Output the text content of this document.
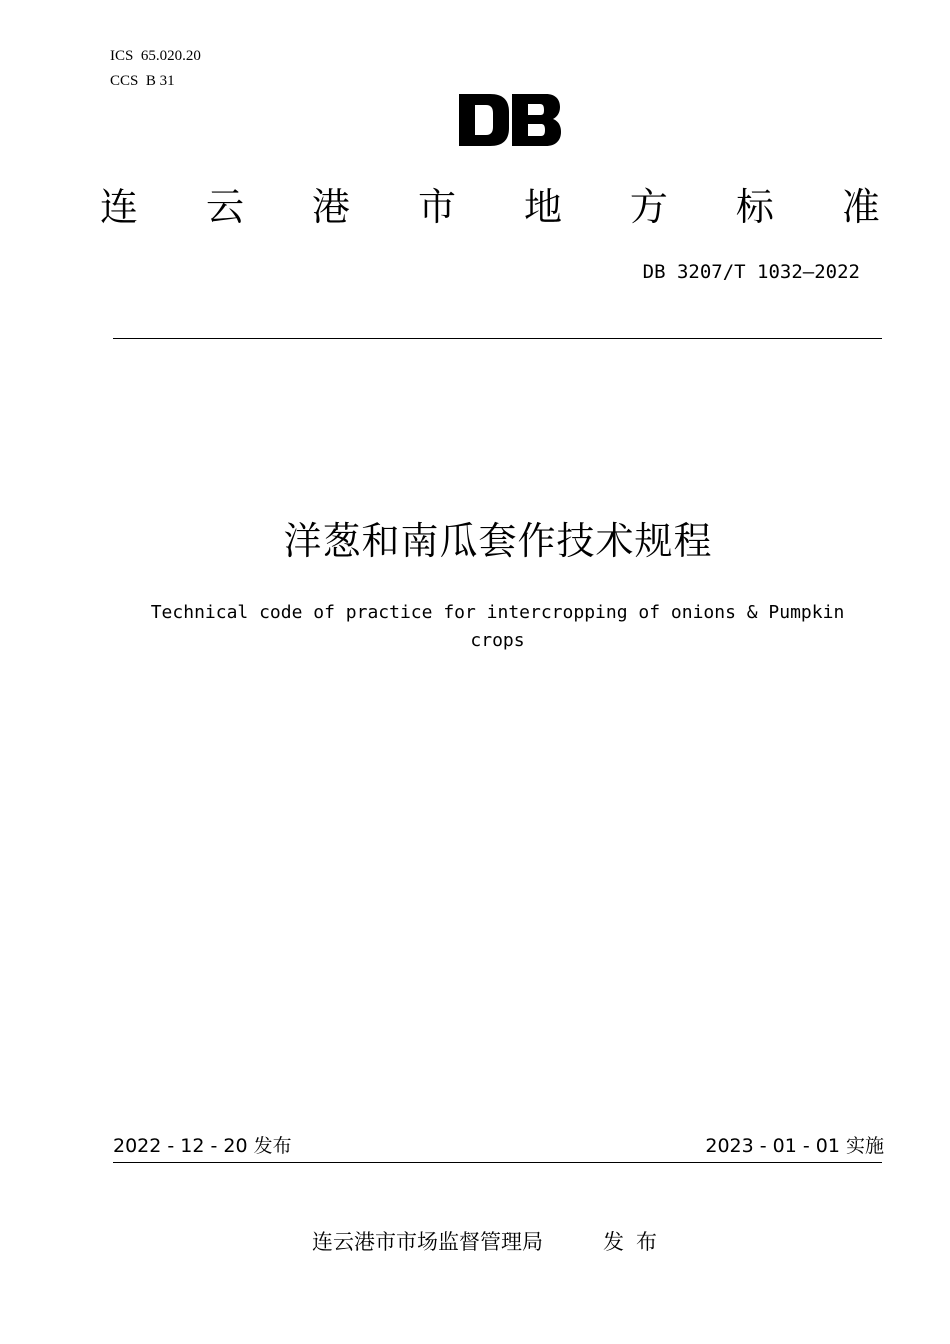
ICS  65.020.20
CCS  B 31
连 云 港 市 地 方 标 准
DB 3207/T 1032—2022
洋葱和南瓜套作技术规程
Technical code of practice for intercropping of onions & Pumpkin crops
2022 - 12 - 20 发布	2023 - 01 - 01 实施
连云港市市场监督管理局	发布
